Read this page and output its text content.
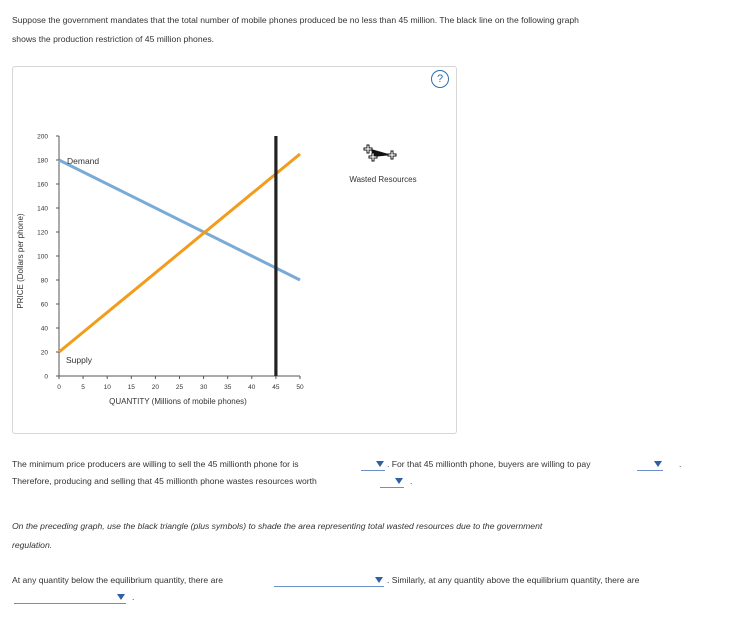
Suppose the government mandates that the total number of mobile phones produced be no less than 45 million. The black line on the following graph
shows the production restriction of 45 million phones.
?
PRICE (Dollars per phone)
0
20
40
60
80
100
120
140
160
180
200
0	5	10	15	20	25	30	35	40	45	50
Demand
Supply
QUANTITY (Millions of mobile phones)
Wasted Resources
The minimum price producers are willing to sell the 45 millionth phone for is	. For that 45 millionth phone, buyers are willing to pay	.
Therefore, producing and selling that 45 millionth phone wastes resources worth	.
On the preceding graph, use the black triangle (plus symbols) to shade the area representing total wasted resources due to the government
regulation.
At any quantity below the equilibrium quantity, there are	. Similarly, at any quantity above the equilibrium quantity, there are
.
